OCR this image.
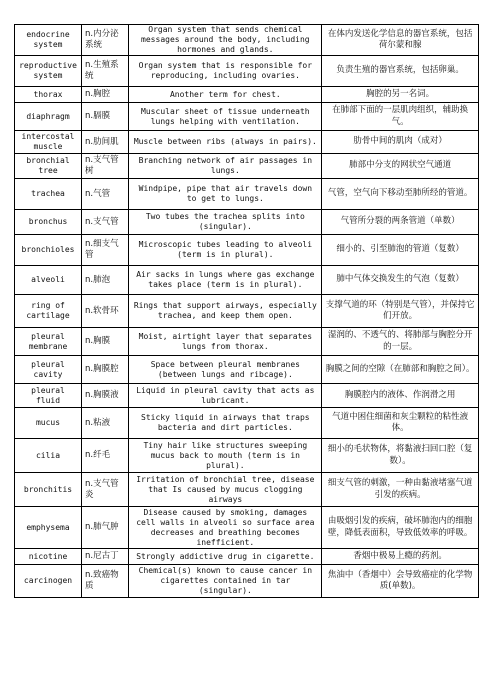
endocrine system	n.内分泌系统	Organ system that sends chemical messages around the body, including hormones and glands.	在体内发送化学信息的器官系统，包括荷尔蒙和腺
reproductive system	n.生殖系统	Organ system that is responsible for reproducing, including ovaries.	负责生殖的器官系统，包括卵巢。
thorax	n.胸腔	Another term for chest.	胸腔的另一名词。
diaphragm	n.膈膜	Muscular sheet of tissue underneath lungs helping with ventilation.	在肺部下面的一层肌肉组织，辅助换气。
intercostal muscle	n.肋间肌	Muscle between ribs (always in pairs).	肋骨中间的肌肉（成对）
bronchial tree	n.支气管树	Branching network of air passages in lungs.	肺部中分支的网状空气通道
trachea	n.气管	Windpipe, pipe that air travels down to get to lungs.	气管，空气向下移动至肺所经的管道。
bronchus	n.支气管	Two tubes the trachea splits into (singular).	气管所分裂的两条管道（单数）
bronchioles	n.细支气管	Microscopic tubes leading to alveoli (term is in plural).	细小的、引至肺泡的管道（复数）
alveoli	n.肺泡	Air sacks in lungs where gas exchange takes place (term is in plural).	肺中气体交换发生的气泡（复数）
ring of cartilage	n.软骨环	Rings that support airways, especially trachea, and keep them open.	支撑气道的环（特别是气管），并保持它们开放。
pleural membrane	n.胸膜	Moist, airtight layer that separates lungs from thorax.	湿润的、不透气的、将肺部与胸腔分开的一层。
pleural cavity	n.胸膜腔	Space between pleural membranes (between lungs and ribcage).	胸膜之间的空隙（在肺部和胸腔之间）。
pleural fluid	n.胸膜液	Liquid in pleural cavity that acts as lubricant.	胸膜腔内的液体、作润滑之用
mucus	n.粘液	Sticky liquid in airways that traps bacteria and dirt particles.	气道中困住细菌和灰尘颗粒的粘性液体。
cilia	n.纤毛	Tiny hair like structures sweeping mucus back to mouth (term is in plural).	细小的毛状物体，将黏液扫回口腔（复数）。
bronchitis	n.支气管炎	Irritation of bronchial tree, disease that Is caused by mucus clogging airways	细支气管的刺激，一种由黏液堵塞气道引发的疾病。
emphysema	n.肺气肿	Disease caused by smoking, damages cell walls in alveoli so surface area decreases and breathing becomes inefficient.	由吸烟引发的疾病，破坏肺泡内的细胞壁，降低表面积，导致低效率的呼吸。
nicotine	n.尼古丁	Strongly addictive drug in cigarette.	香烟中极易上瘾的药剂。
carcinogen	n.致癌物质	Chemical(s) known to cause cancer in cigarettes contained in tar (singular).	焦油中（香烟中）会导致癌症的化学物质(单数)。
